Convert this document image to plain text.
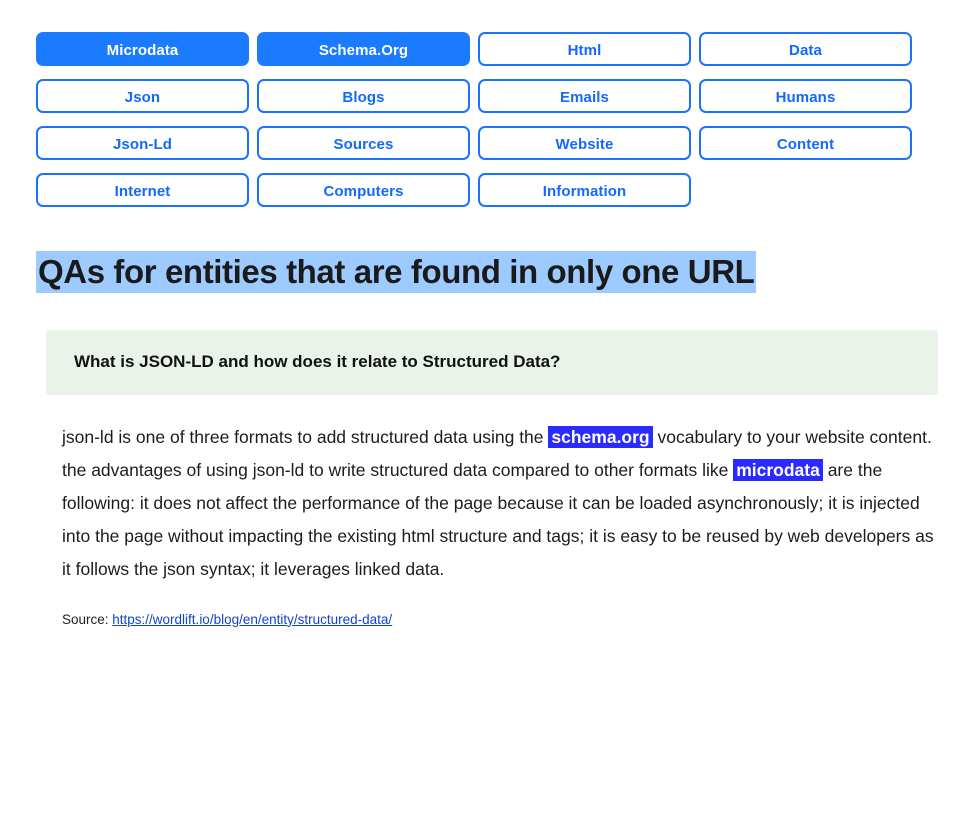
Microdata	Schema.Org	Html	Data
Json	Blogs	Emails	Humans
Json-Ld	Sources	Website	Content
Internet	Computers	Information
QAs for entities that are found in only one URL
What is JSON-LD and how does it relate to Structured Data?
json-ld is one of three formats to add structured data using the schema.org vocabulary to your website content. the advantages of using json-ld to write structured data compared to other formats like microdata are the following: it does not affect the performance of the page because it can be loaded asynchronously; it is injected into the page without impacting the existing html structure and tags; it is easy to be reused by web developers as it follows the json syntax; it leverages linked data.
Source: https://wordlift.io/blog/en/entity/structured-data/
